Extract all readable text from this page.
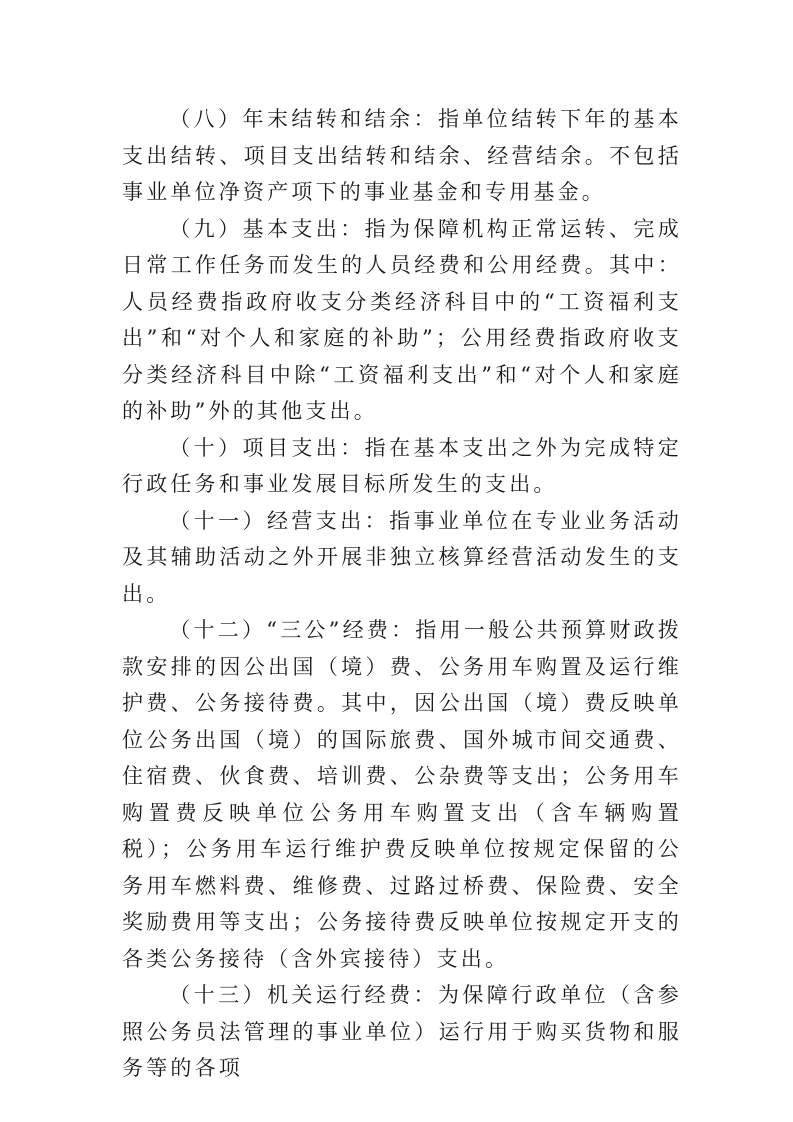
（八）年末结转和结余：指单位结转下年的基本支出结转、项目支出结转和结余、经营结余。不包括事业单位净资产项下的事业基金和专用基金。

（九）基本支出：指为保障机构正常运转、完成日常工作任务而发生的人员经费和公用经费。其中：人员经费指政府收支分类经济科目中的“工资福利支出”和“对个人和家庭的补助”；公用经费指政府收支分类经济科目中除“工资福利支出”和“对个人和家庭的补助”外的其他支出。

（十）项目支出：指在基本支出之外为完成特定行政任务和事业发展目标所发生的支出。

（十一）经营支出：指事业单位在专业业务活动及其辅助活动之外开展非独立核算经营活动发生的支出。

（十二）“三公”经费：指用一般公共预算财政拨款安排的因公出国（境）费、公务用车购置及运行维护费、公务接待费。其中，因公出国（境）费反映单位公务出国（境）的国际旅费、国外城市间交通费、住宿费、伙食费、培训费、公杂费等支出；公务用车购置费反映单位公务用车购置支出（含车辆购置税）；公务用车运行维护费反映单位按规定保留的公务用车燃料费、维修费、过路过桥费、保险费、安全奖励费用等支出；公务接待费反映单位按规定开支的各类公务接待（含外宾接待）支出。

（十三）机关运行经费：为保障行政单位（含参照公务员法管理的事业单位）运行用于购买货物和服务等的各项
